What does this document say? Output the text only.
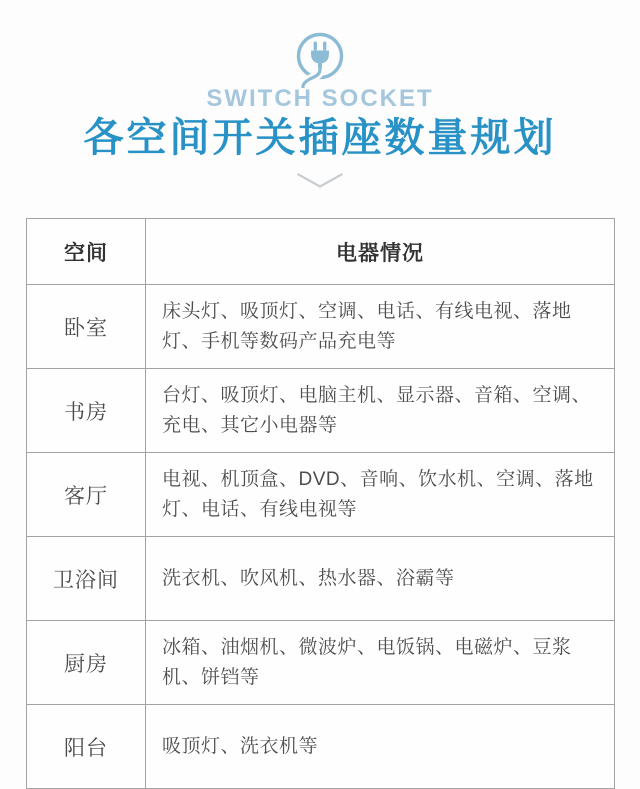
SWITCH SOCKET
各空间开关插座数量规划
空间	电器情况
卧室	床头灯、吸顶灯、空调、电话、有线电视、落地灯、手机等数码产品充电等
书房	台灯、吸顶灯、电脑主机、显示器、音箱、空调、充电、其它小电器等
客厅	电视、机顶盒、DVD、音响、饮水机、空调、落地灯、电话、有线电视等
卫浴间	洗衣机、吹风机、热水器、浴霸等
厨房	冰箱、油烟机、微波炉、电饭锅、电磁炉、豆浆机、饼铛等
阳台	吸顶灯、洗衣机等
